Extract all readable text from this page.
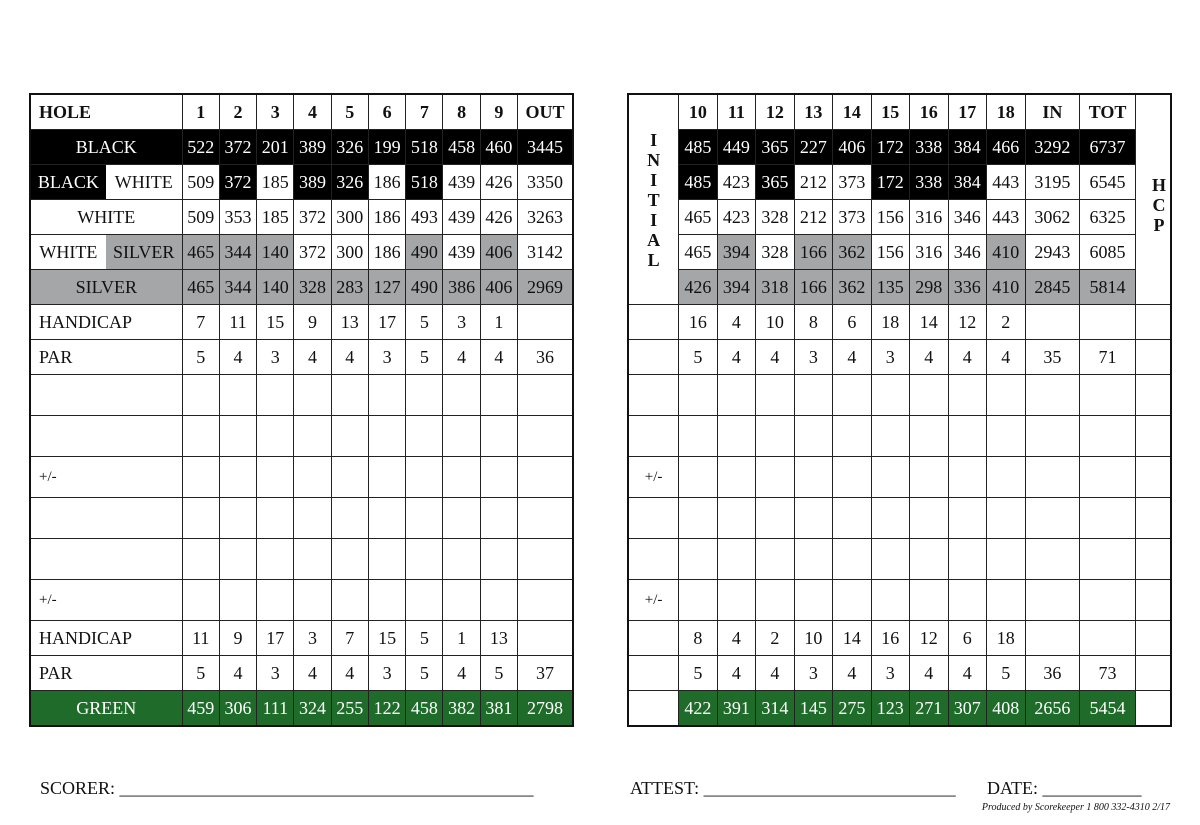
HOLE	1	2	3	4	5	6	7	8	9	OUT
BLACK	522	372	201	389	326	199	518	458	460	3445

BLACK WHITE	509	372	185	389	326	186	518	439	426	3350
WHITE	509	353	185	372	300	186	493	439	426	3263

WHITE SILVER	465	344	140	372	300	186	490	439	406	3142
SILVER	465	344	140	328	283	127	490	386	406	2969
HANDICAP	7	11	15	9	13	17	5	3	1	
PAR	5	4	3	4	4	3	5	4	4	36

+/-										

+/-										
HANDICAP	11	9	17	3	7	15	5	1	13	
PAR	5	4	3	4	4	3	5	4	5	37
GREEN	459	306	111	324	255	122	458	382	381	2798
INITIAL	10	11	12	13	14	15	16	17	18	IN	TOT	HCP
	485	449	365	227	406	172	338	384	466	3292	6737	
	485	423	365	212	373	172	338	384	443	3195	6545	
	465	423	328	212	373	156	316	346	443	3062	6325	
	465	394	328	166	362	156	316	346	410	2943	6085	
	426	394	318	166	362	135	298	336	410	2845	5814	
	16	4	10	8	6	18	14	12	2			
	5	4	4	3	4	3	4	4	4	35	71	

+/-												

+/-												
	8	4	2	10	14	16	12	6	18			
	5	4	4	3	4	3	4	4	5	36	73	
	422	391	314	145	275	123	271	307	408	2656	5454	
SCORER: ______________________________________________	ATTEST: ____________________________ DATE: ___________
Produced by Scorekeeper 1 800 332-4310 2/17
